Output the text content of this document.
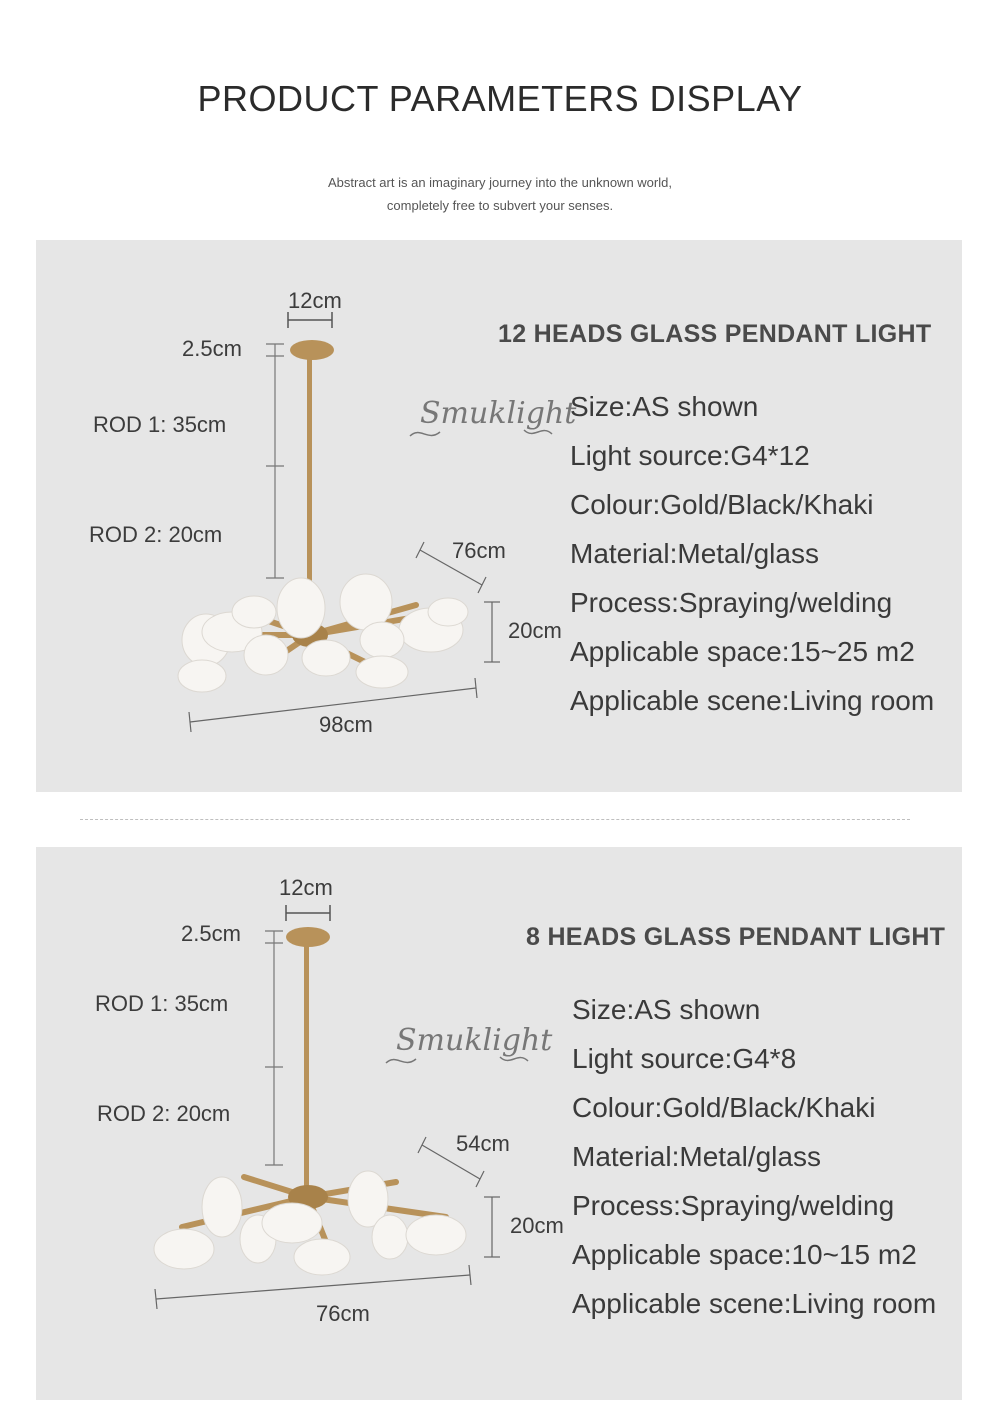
PRODUCT PARAMETERS DISPLAY
Abstract art is an imaginary journey into the unknown world,
completely free to subvert your senses.
12cm
2.5cm
ROD 1: 35cm
ROD 2: 20cm
76cm
20cm
98cm
Smuklight
12 HEADS GLASS PENDANT LIGHT
Size:AS shown
Light source:G4*12
Colour:Gold/Black/Khaki
Material:Metal/glass
Process:Spraying/welding
Applicable space:15~25 m2
Applicable scene:Living room
12cm
2.5cm
ROD 1: 35cm
ROD 2: 20cm
54cm
20cm
76cm
Smuklight
8 HEADS GLASS PENDANT LIGHT
Size:AS shown
Light source:G4*8
Colour:Gold/Black/Khaki
Material:Metal/glass
Process:Spraying/welding
Applicable space:10~15 m2
Applicable scene:Living room
